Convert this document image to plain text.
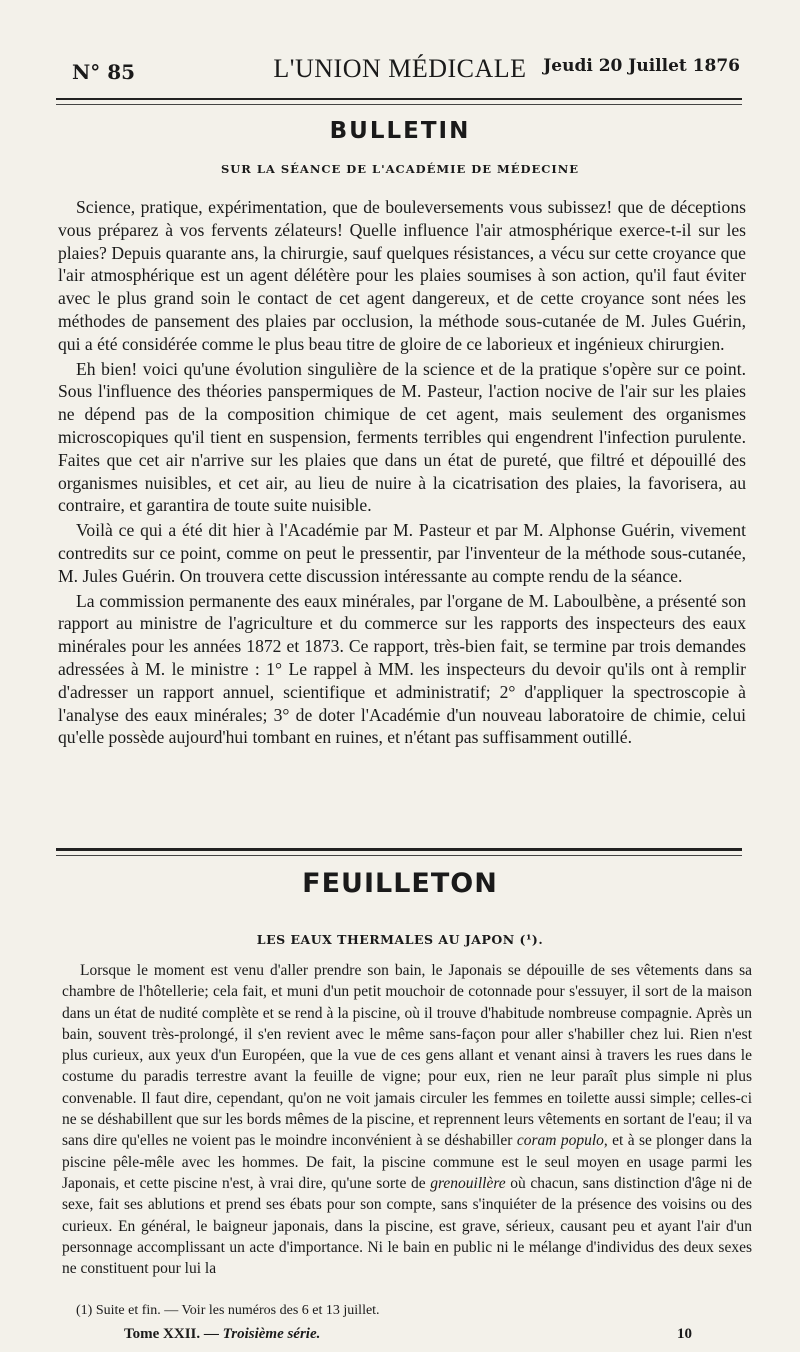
N° 85	L'UNION MÉDICALE Jeudi 20 Juillet 1876
BULLETIN
SUR LA SÉANCE DE L'ACADÉMIE DE MÉDECINE

Science, pratique, expérimentation, que de bouleversements vous subissez! que de déceptions vous préparez à vos fervents zélateurs! Quelle influence l'air atmosphérique exerce-t-il sur les plaies? Depuis quarante ans, la chirurgie, sauf quelques résistances, a vécu sur cette croyance que l'air atmosphérique est un agent délétère pour les plaies soumises à son action, qu'il faut éviter avec le plus grand soin le contact de cet agent dangereux, et de cette croyance sont nées les méthodes de pansement des plaies par occlusion, la méthode sous-cutanée de M. Jules Guérin, qui a été considérée comme le plus beau titre de gloire de ce laborieux et ingénieux chirurgien.

Eh bien! voici qu'une évolution singulière de la science et de la pratique s'opère sur ce point. Sous l'influence des théories panspermiques de M. Pasteur, l'action nocive de l'air sur les plaies ne dépend pas de la composition chimique de cet agent, mais seulement des organismes microscopiques qu'il tient en suspension, ferments terribles qui engendrent l'infection purulente. Faites que cet air n'arrive sur les plaies que dans un état de pureté, que filtré et dépouillé des organismes nuisibles, et cet air, au lieu de nuire à la cicatrisation des plaies, la favorisera, au contraire, et garantira de toute suite nuisible.

Voilà ce qui a été dit hier à l'Académie par M. Pasteur et par M. Alphonse Guérin, vivement contredits sur ce point, comme on peut le pressentir, par l'inventeur de la méthode sous-cutanée, M. Jules Guérin. On trouvera cette discussion intéressante au compte rendu de la séance.

La commission permanente des eaux minérales, par l'organe de M. Laboulbène, a présenté son rapport au ministre de l'agriculture et du commerce sur les rapports des inspecteurs des eaux minérales pour les années 1872 et 1873. Ce rapport, très-bien fait, se termine par trois demandes adressées à M. le ministre : 1° Le rappel à MM. les inspecteurs du devoir qu'ils ont à remplir d'adresser un rapport annuel, scientifique et administratif; 2° d'appliquer la spectroscopie à l'analyse des eaux minérales; 3° de doter l'Académie d'un nouveau laboratoire de chimie, celui qu'elle possède aujourd'hui tombant en ruines, et n'étant pas suffisamment outillé.

FEUILLETON
LES EAUX THERMALES AU JAPON (¹).

Lorsque le moment est venu d'aller prendre son bain, le Japonais se dépouille de ses vêtements dans sa chambre de l'hôtellerie; cela fait, et muni d'un petit mouchoir de cotonnade pour s'essuyer, il sort de la maison dans un état de nudité complète et se rend à la piscine, où il trouve d'habitude nombreuse compagnie. Après un bain, souvent très-prolongé, il s'en revient avec le même sans-façon pour aller s'habiller chez lui. Rien n'est plus curieux, aux yeux d'un Européen, que la vue de ces gens allant et venant ainsi à travers les rues dans le costume du paradis terrestre avant la feuille de vigne; pour eux, rien ne leur paraît plus simple ni plus convenable. Il faut dire, cependant, qu'on ne voit jamais circuler les femmes en toilette aussi simple; celles-ci ne se déshabillent que sur les bords mêmes de la piscine, et reprennent leurs vêtements en sortant de l'eau; il va sans dire qu'elles ne voient pas le moindre inconvénient à se déshabiller coram populo, et à se plonger dans la piscine pêle-mêle avec les hommes. De fait, la piscine commune est le seul moyen en usage parmi les Japonais, et cette piscine n'est, à vrai dire, qu'une sorte de grenouillère où chacun, sans distinction d'âge ni de sexe, fait ses ablutions et prend ses ébats pour son compte, sans s'inquiéter de la présence des voisins ou des curieux. En général, le baigneur japonais, dans la piscine, est grave, sérieux, causant peu et ayant l'air d'un personnage accomplissant un acte d'importance. Ni le bain en public ni le mélange d'individus des deux sexes ne constituent pour lui la

(1) Suite et fin. — Voir les numéros des 6 et 13 juillet.
Tome XXII. — Troisième série.	10
